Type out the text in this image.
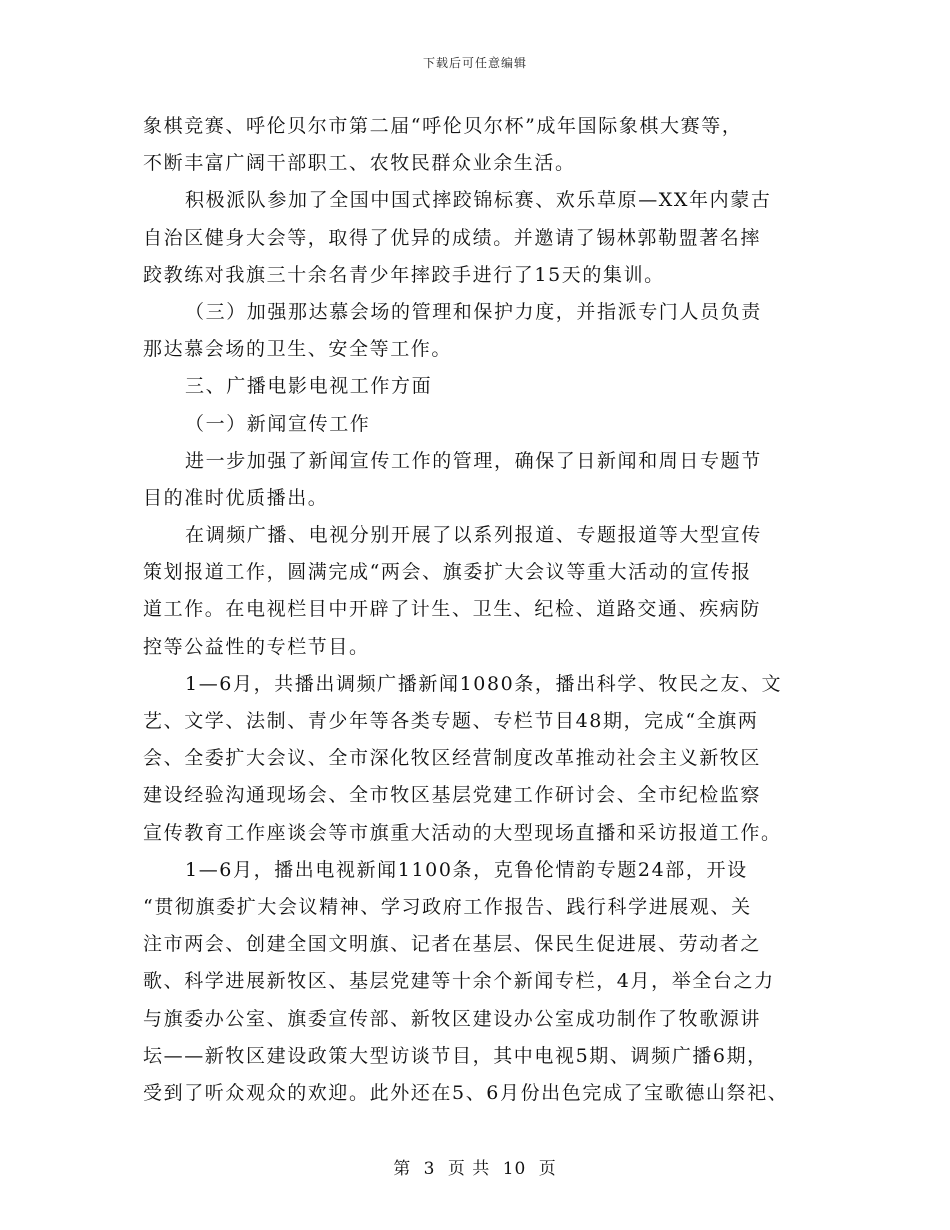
下载后可任意编辑
象棋竞赛、呼伦贝尔市第二届“呼伦贝尔杯”成年国际象棋大赛等，
不断丰富广阔干部职工、农牧民群众业余生活。
积极派队参加了全国中国式摔跤锦标赛、欢乐草原—XX年内蒙古
自治区健身大会等，取得了优异的成绩。并邀请了锡林郭勒盟著名摔
跤教练对我旗三十余名青少年摔跤手进行了15天的集训。
（三）加强那达慕会场的管理和保护力度，并指派专门人员负责
那达慕会场的卫生、安全等工作。
三、广播电影电视工作方面
（一）新闻宣传工作
进一步加强了新闻宣传工作的管理，确保了日新闻和周日专题节
目的准时优质播出。
在调频广播、电视分别开展了以系列报道、专题报道等大型宣传
策划报道工作，圆满完成“两会、旗委扩大会议等重大活动的宣传报
道工作。在电视栏目中开辟了计生、卫生、纪检、道路交通、疾病防
控等公益性的专栏节目。
1—6月，共播出调频广播新闻1080条，播出科学、牧民之友、文
艺、文学、法制、青少年等各类专题、专栏节目48期，完成“全旗两
会、全委扩大会议、全市深化牧区经营制度改革推动社会主义新牧区
建设经验沟通现场会、全市牧区基层党建工作研讨会、全市纪检监察
宣传教育工作座谈会等市旗重大活动的大型现场直播和采访报道工作。
1—6月，播出电视新闻1100条，克鲁伦情韵专题24部，开设
“贯彻旗委扩大会议精神、学习政府工作报告、践行科学进展观、关
注市两会、创建全国文明旗、记者在基层、保民生促进展、劳动者之
歌、科学进展新牧区、基层党建等十余个新闻专栏，4月，举全台之力
与旗委办公室、旗委宣传部、新牧区建设办公室成功制作了牧歌源讲
坛——新牧区建设政策大型访谈节目，其中电视5期、调频广播6期，
受到了听众观众的欢迎。此外还在5、6月份出色完成了宝歌德山祭祀、
第 3 页 共 10 页
